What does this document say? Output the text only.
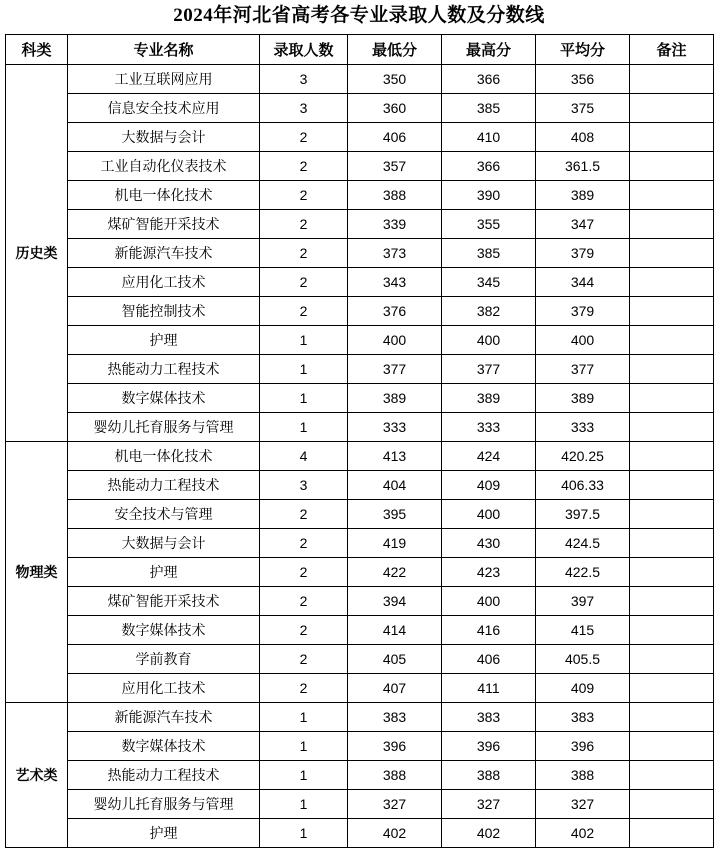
2024年河北省高考各专业录取人数及分数线
科类	专业名称	录取人数	最低分	最高分	平均分	备注
历史类	工业互联网应用	3	350	366	356	
	信息安全技术应用	3	360	385	375	
	大数据与会计	2	406	410	408	
	工业自动化仪表技术	2	357	366	361.5	
	机电一体化技术	2	388	390	389	
	煤矿智能开采技术	2	339	355	347	
	新能源汽车技术	2	373	385	379	
	应用化工技术	2	343	345	344	
	智能控制技术	2	376	382	379	
	护理	1	400	400	400	
	热能动力工程技术	1	377	377	377	
	数字媒体技术	1	389	389	389	
	婴幼儿托育服务与管理	1	333	333	333	
物理类	机电一体化技术	4	413	424	420.25	
	热能动力工程技术	3	404	409	406.33	
	安全技术与管理	2	395	400	397.5	
	大数据与会计	2	419	430	424.5	
	护理	2	422	423	422.5	
	煤矿智能开采技术	2	394	400	397	
	数字媒体技术	2	414	416	415	
	学前教育	2	405	406	405.5	
	应用化工技术	2	407	411	409	
艺术类	新能源汽车技术	1	383	383	383	
	数字媒体技术	1	396	396	396	
	热能动力工程技术	1	388	388	388	
	婴幼儿托育服务与管理	1	327	327	327	
	护理	1	402	402	402	
